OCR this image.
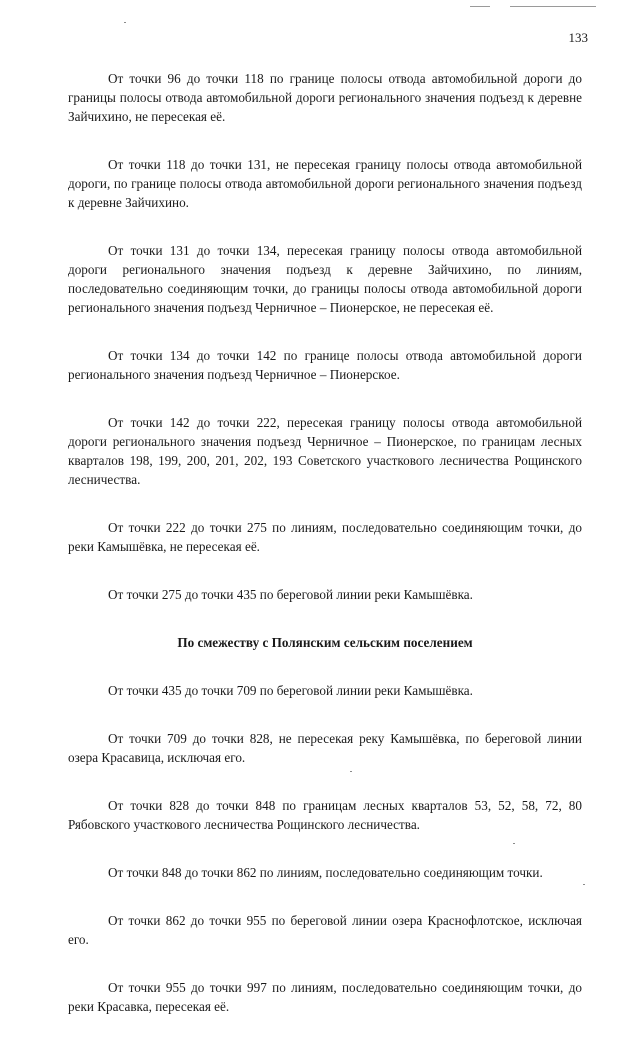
133

От точки 96 до точки 118 по границе полосы отвода автомобильной дороги до границы полосы отвода автомобильной дороги регионального значения подъезд к деревне Зайчихино, не пересекая её.

От точки 118 до точки 131, не пересекая границу полосы отвода автомобильной дороги, по границе полосы отвода автомобильной дороги регионального значения подъезд к деревне Зайчихино.

От точки 131 до точки 134, пересекая границу полосы отвода автомобильной дороги регионального значения подъезд к деревне Зайчихино, по линиям, последовательно соединяющим точки, до границы полосы отвода автомобильной дороги регионального значения подъезд Черничное – Пионерское, не пересекая её.

От точки 134 до точки 142 по границе полосы отвода автомобильной дороги регионального значения подъезд Черничное – Пионерское.

От точки 142 до точки 222, пересекая границу полосы отвода автомобильной дороги регионального значения подъезд Черничное – Пионерское, по границам лесных кварталов 198, 199, 200, 201, 202, 193 Советского участкового лесничества Рощинского лесничества.

От точки 222 до точки 275 по линиям, последовательно соединяющим точки, до реки Камышёвка, не пересекая её.

От точки 275 до точки 435 по береговой линии реки Камышёвка.

По смежеству с Полянским сельским поселением

От точки 435 до точки 709 по береговой линии реки Камышёвка.

От точки 709 до точки 828, не пересекая реку Камышёвка, по береговой линии озера Красавица, исключая его.

От точки 828 до точки 848 по границам лесных кварталов 53, 52, 58, 72, 80 Рябовского участкового лесничества Рощинского лесничества.

От точки 848 до точки 862 по линиям, последовательно соединяющим точки.

От точки 862 до точки 955 по береговой линии озера Краснофлотское, исключая его.

От точки 955 до точки 997 по линиям, последовательно соединяющим точки, до реки Красавка, пересекая её.
